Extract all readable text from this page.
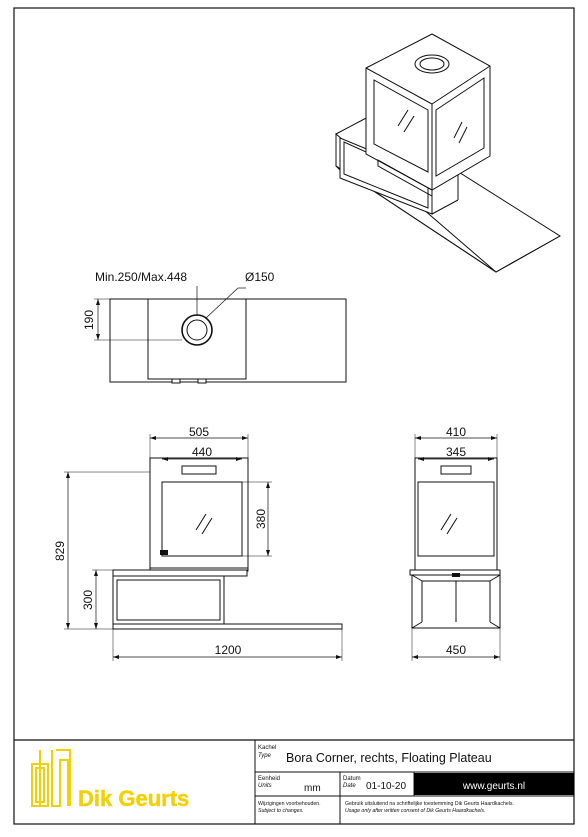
Min.250/Max.448	Ø150
190
505
440
380
829
300
1200
410
345
450
Dik Geurts
Kachel
Type Bora Corner, rechts, Floating Plateau
Eenheid
Units	mm
Datum
Date 01-10-20	www.geurts.nl
Wijzigingen voorbehouden.
Subject to changes.
Gebruik uitsluitend na schriftelijke toestemming Dik Geurts Haardkachels.
Usage only after written consent of Dik Geurts Haardkachels.
